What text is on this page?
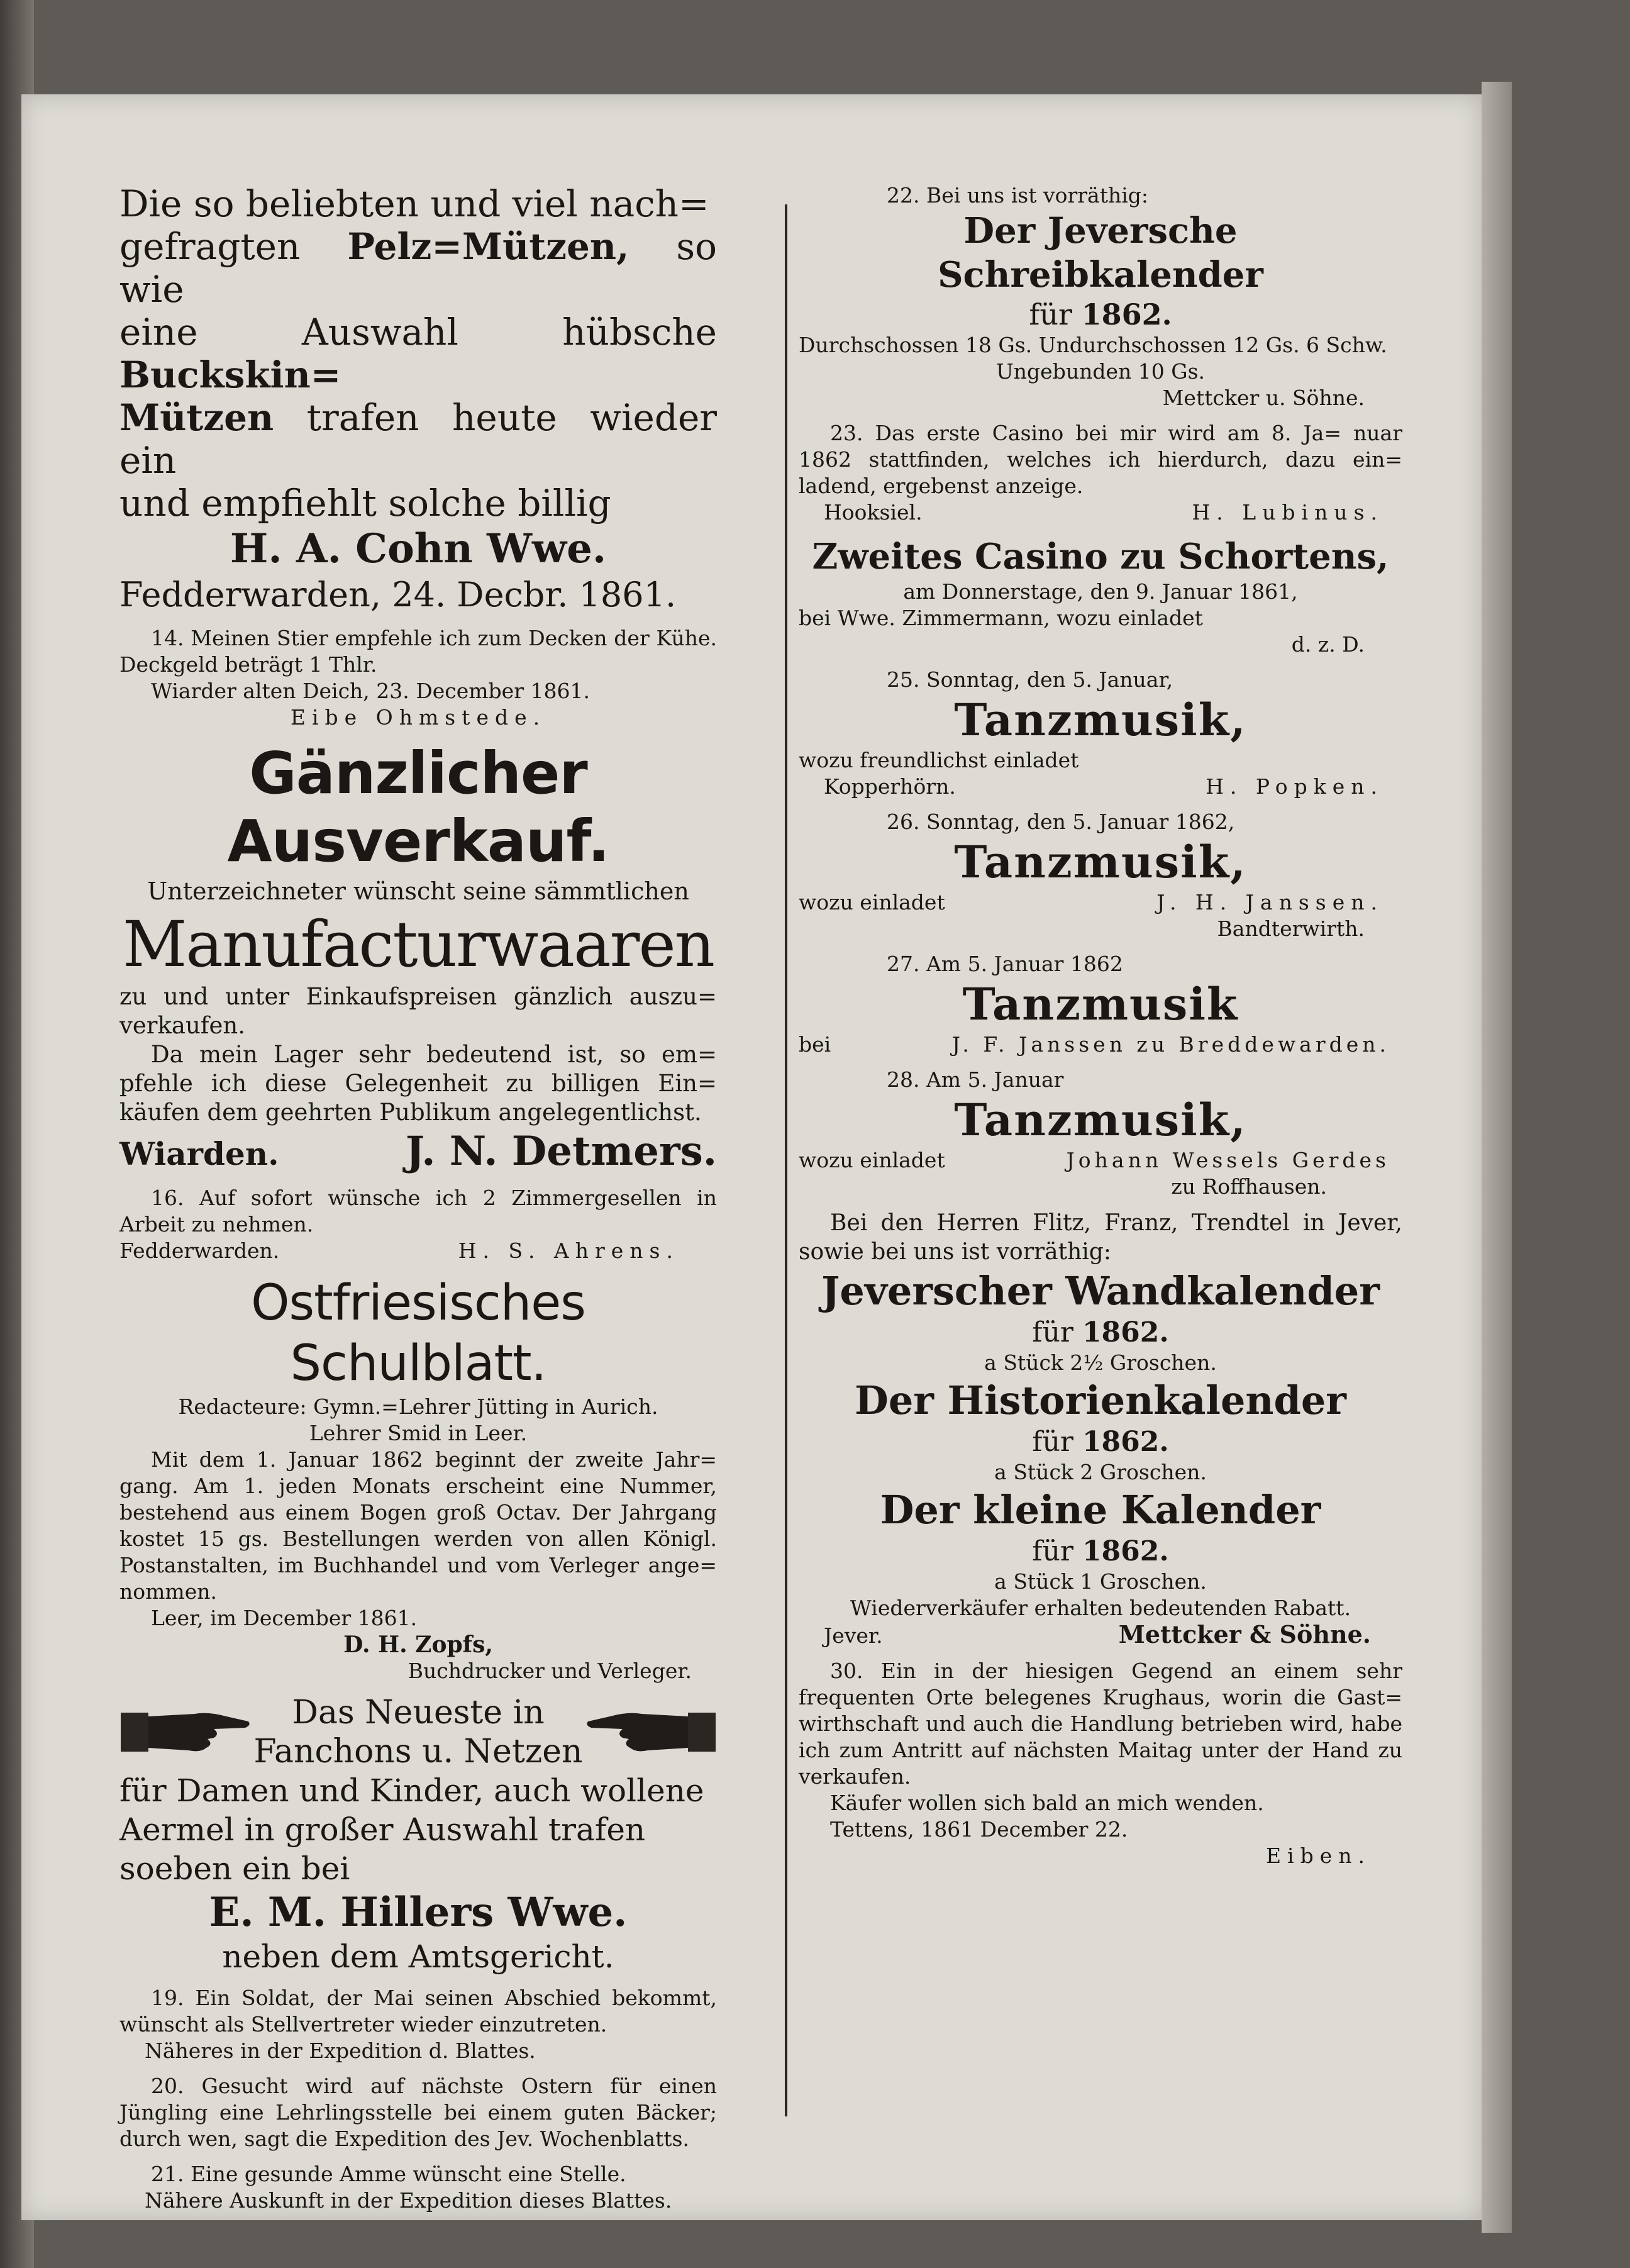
Die so beliebten und viel nach=

gefragten Pelz=Mützen, so wie

eine Auswahl hübsche Buckskin=

Mützen trafen heute wieder ein

und empfiehlt solche billig

H. A. Cohn Wwe.

Fedderwarden, 24. Decbr. 1861.

14. Meinen Stier empfehle ich zum Decken der Kühe. Deckgeld beträgt 1 Thlr.

Wiarder alten Deich, 23. December 1861.

Eibe Ohmstede.

Gänzlicher Ausverkauf.

Unterzeichneter wünscht seine sämmtlichen

Manufacturwaaren

zu und unter Einkaufspreisen gänzlich auszu= verkaufen.

Da mein Lager sehr bedeutend ist, so em= pfehle ich diese Gelegenheit zu billigen Ein= käufen dem geehrten Publikum angelegentlichst.

Wiarden.	J. N. Detmers.

16. Auf sofort wünsche ich 2 Zimmergesellen in Arbeit zu nehmen.

Fedderwarden.	H. S. Ahrens.

Ostfriesisches Schulblatt.

Redacteure: Gymn.=Lehrer Jütting in Aurich.

Lehrer Smid in Leer.

Mit dem 1. Januar 1862 beginnt der zweite Jahr= gang. Am 1. jeden Monats erscheint eine Nummer, bestehend aus einem Bogen groß Octav. Der Jahrgang kostet 15 gs. Bestellungen werden von allen Königl. Postanstalten, im Buchhandel und vom Verleger ange= nommen.

Leer, im December 1861.

D. H. Zopfs,

Buchdrucker und Verleger.

Das Neueste in

Fanchons u. Netzen

für Damen und Kinder, auch wollene

Aermel in großer Auswahl trafen

soeben ein bei

E. M. Hillers Wwe.

neben dem Amtsgericht.

19. Ein Soldat, der Mai seinen Abschied bekommt, wünscht als Stellvertreter wieder einzutreten.

Näheres in der Expedition d. Blattes.

20. Gesucht wird auf nächste Ostern für einen Jüngling eine Lehrlingsstelle bei einem guten Bäcker; durch wen, sagt die Expedition des Jev. Wochenblatts.

21. Eine gesunde Amme wünscht eine Stelle.

Nähere Auskunft in der Expedition dieses Blattes.

22. Bei uns ist vorräthig:

Der Jeversche Schreibkalender

für 1862.

Durchschossen 18 Gs. Undurchschossen 12 Gs. 6 Schw.

Ungebunden 10 Gs.

Mettcker u. Söhne.

23. Das erste Casino bei mir wird am 8. Ja= nuar 1862 stattfinden, welches ich hierdurch, dazu ein= ladend, ergebenst anzeige.

Hooksiel.	H. Lubinus.

Zweites Casino zu Schortens,

am Donnerstage, den 9. Januar 1861,

bei Wwe. Zimmermann, wozu einladet

d. z. D.

25. Sonntag, den 5. Januar,

Tanzmusik,

wozu freundlichst einladet

Kopperhörn.	H. Popken.

26. Sonntag, den 5. Januar 1862,

Tanzmusik,

wozu einladet	J. H. Janssen.

Bandterwirth.

27. Am 5. Januar 1862

Tanzmusik

bei	J. F. Janssen zu Breddewarden.

28. Am 5. Januar

Tanzmusik,

wozu einladet	Johann Wessels Gerdes

zu Roffhausen.

Bei den Herren Flitz, Franz, Trendtel in Jever, sowie bei uns ist vorräthig:

Jeverscher Wandkalender

für 1862.

a Stück 2½ Groschen.

Der Historienkalender

für 1862.

a Stück 2 Groschen.

Der kleine Kalender

für 1862.

a Stück 1 Groschen.

Wiederverkäufer erhalten bedeutenden Rabatt.

Jever.	Mettcker & Söhne.

30. Ein in der hiesigen Gegend an einem sehr frequenten Orte belegenes Krughaus, worin die Gast= wirthschaft und auch die Handlung betrieben wird, habe ich zum Antritt auf nächsten Maitag unter der Hand zu verkaufen.

Käufer wollen sich bald an mich wenden.

Tettens, 1861 December 22.

Eiben.
